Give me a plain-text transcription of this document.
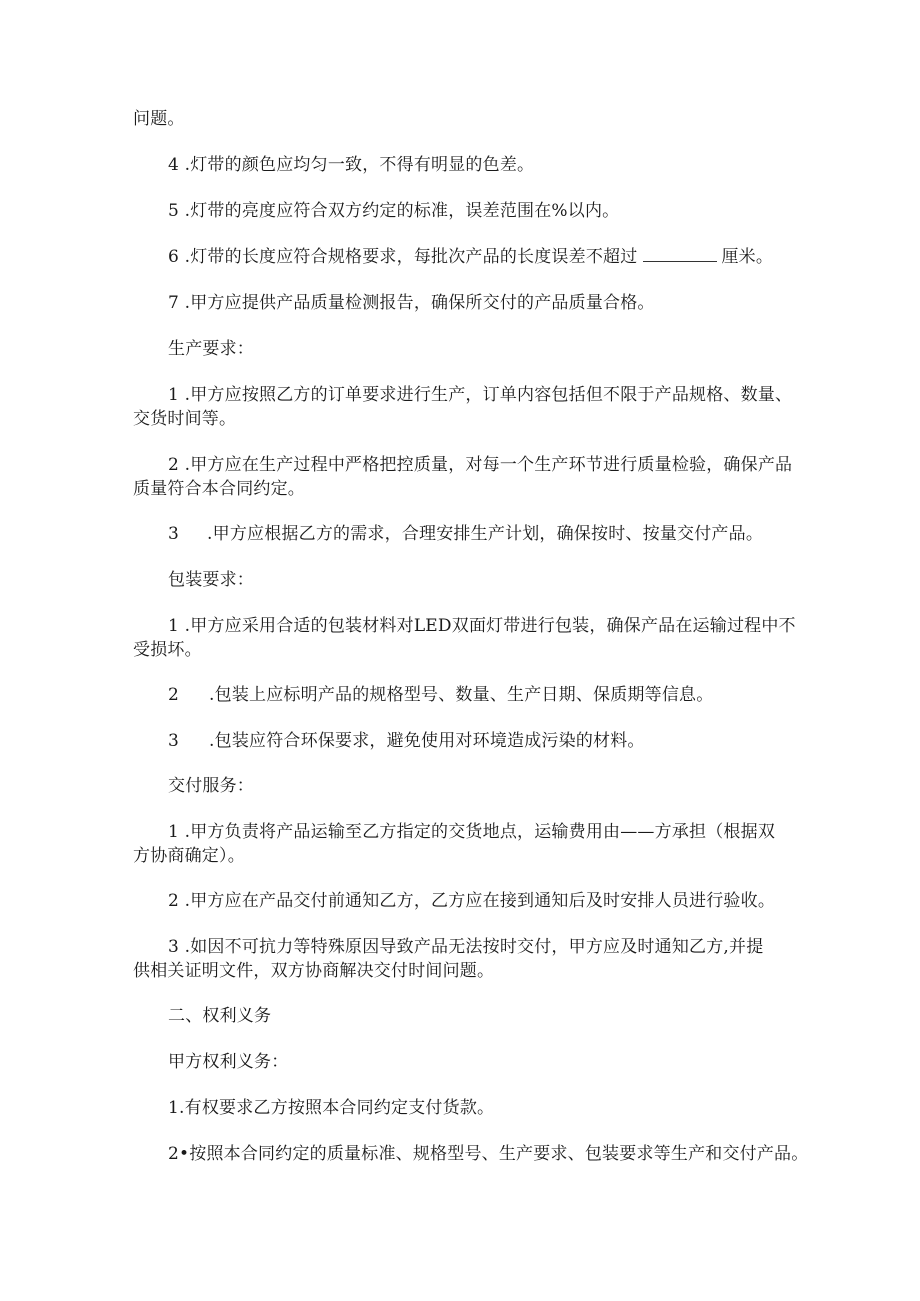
问题。
4 .灯带的颜色应均匀一致，不得有明显的色差。
5 .灯带的亮度应符合双方约定的标准，误差范围在%以内。
6 .灯带的长度应符合规格要求，每批次产品的长度误差不超过	厘米。
7 .甲方应提供产品质量检测报告，确保所交付的产品质量合格。
生产要求：
1 .甲方应按照乙方的订单要求进行生产，订单内容包括但不限于产品规格、数量、
交货时间等。
2 .甲方应在生产过程中严格把控质量，对每一个生产环节进行质量检验，确保产品
质量符合本合同约定。
3 .甲方应根据乙方的需求，合理安排生产计划，确保按时、按量交付产品。
包装要求：
1 .甲方应采用合适的包装材料对LED双面灯带进行包装，确保产品在运输过程中不
受损坏。
2 .包装上应标明产品的规格型号、数量、生产日期、保质期等信息。
3 .包装应符合环保要求，避免使用对环境造成污染的材料。
交付服务：
1 .甲方负责将产品运输至乙方指定的交货地点，运输费用由——方承担（根据双
方协商确定）。
2 .甲方应在产品交付前通知乙方，乙方应在接到通知后及时安排人员进行验收。
3 .如因不可抗力等特殊原因导致产品无法按时交付，甲方应及时通知乙方,并提
供相关证明文件，双方协商解决交付时间问题。
二、权利义务
甲方权利义务：
1.有权要求乙方按照本合同约定支付货款。
2•按照本合同约定的质量标准、规格型号、生产要求、包装要求等生产和交付产品。
